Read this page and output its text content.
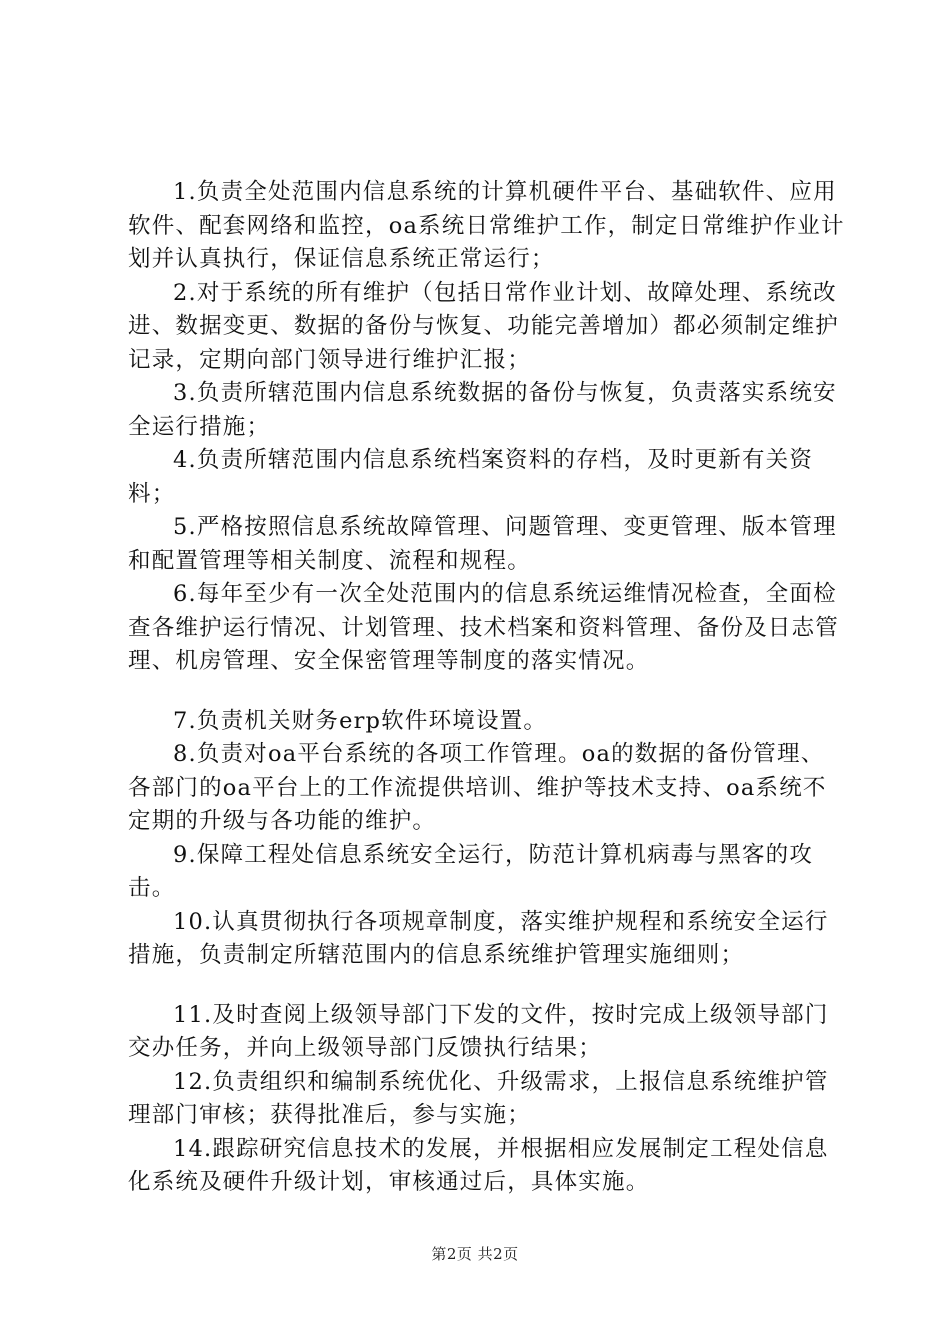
1.负责全处范围内信息系统的计算机硬件平台、基础软件、应用软件、配套网络和监控，oa系统日常维护工作，制定日常维护作业计划并认真执行，保证信息系统正常运行；

2.对于系统的所有维护（包括日常作业计划、故障处理、系统改进、数据变更、数据的备份与恢复、功能完善增加）都必须制定维护记录，定期向部门领导进行维护汇报；

3.负责所辖范围内信息系统数据的备份与恢复，负责落实系统安全运行措施；

4.负责所辖范围内信息系统档案资料的存档，及时更新有关资料；

5.严格按照信息系统故障管理、问题管理、变更管理、版本管理和配置管理等相关制度、流程和规程。

6.每年至少有一次全处范围内的信息系统运维情况检查，全面检查各维护运行情况、计划管理、技术档案和资料管理、备份及日志管理、机房管理、安全保密管理等制度的落实情况。

7.负责机关财务erp软件环境设置。

8.负责对oa平台系统的各项工作管理。oa的数据的备份管理、各部门的oa平台上的工作流提供培训、维护等技术支持、oa系统不定期的升级与各功能的维护。

9.保障工程处信息系统安全运行，防范计算机病毒与黑客的攻击。

10.认真贯彻执行各项规章制度，落实维护规程和系统安全运行措施，负责制定所辖范围内的信息系统维护管理实施细则；

11.及时查阅上级领导部门下发的文件，按时完成上级领导部门交办任务，并向上级领导部门反馈执行结果；

12.负责组织和编制系统优化、升级需求，上报信息系统维护管理部门审核；获得批准后，参与实施；

14.跟踪研究信息技术的发展，并根据相应发展制定工程处信息化系统及硬件升级计划，审核通过后，具体实施。

第2页 共2页
